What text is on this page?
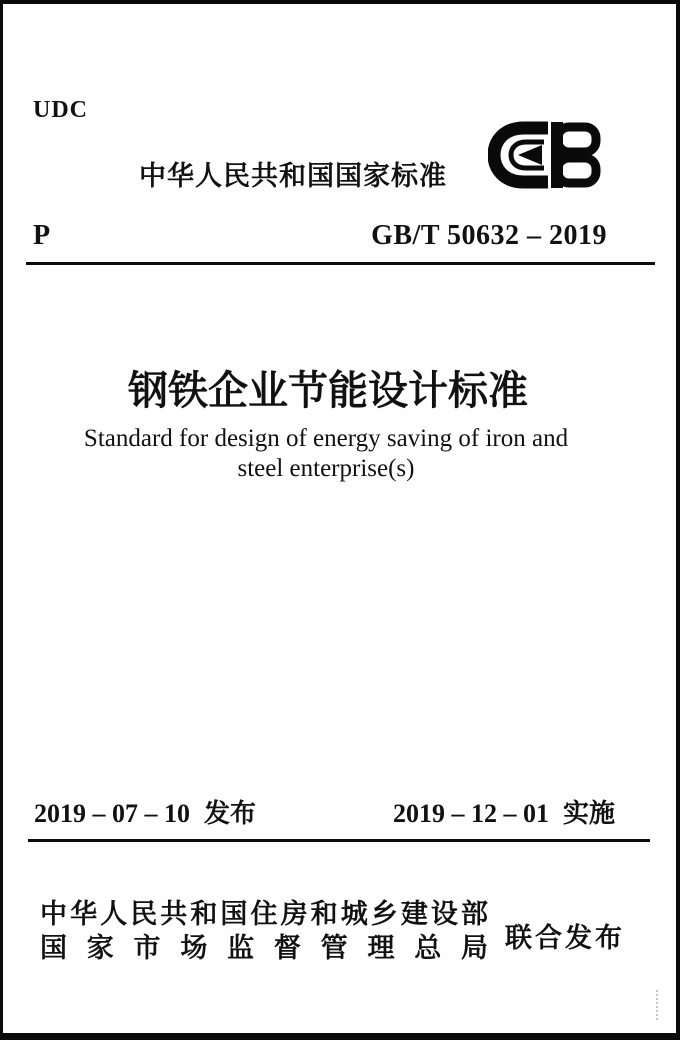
UDC
中华人民共和国国家标准
P	GB/T 50632 – 2019
钢铁企业节能设计标准
Standard for design of energy saving of iron and
steel enterprise(s)
2019 – 07 – 10 发布	2019 – 12 – 01 实施
中华人民共和国住房和城乡建设部
国家市场监督管理总局 联合发布
